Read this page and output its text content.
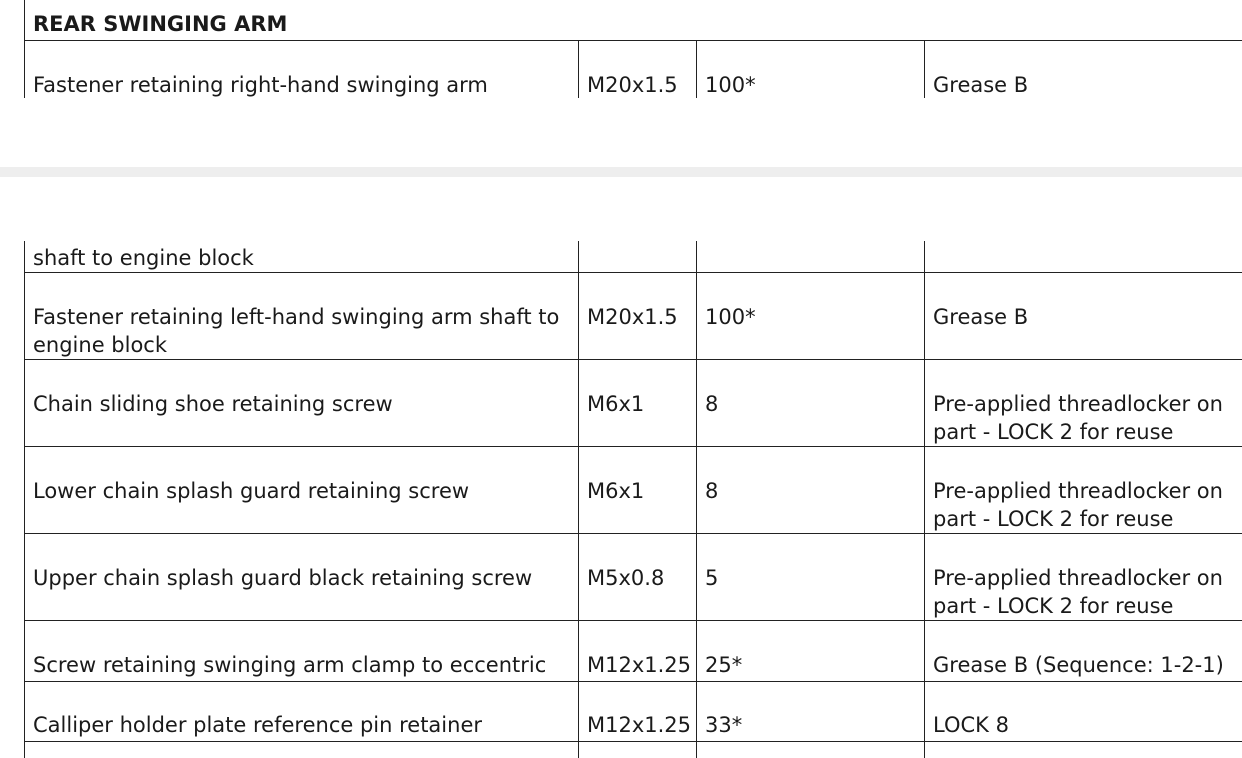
REAR SWINGING ARM
Fastener retaining right-hand swinging arm	M20x1.5	100*	Grease B
shaft to engine block			
Fastener retaining left-hand swinging arm shaft to engine block	M20x1.5	100*	Grease B
Chain sliding shoe retaining screw	M6x1	8	Pre-applied threadlocker on part - LOCK 2 for reuse
Lower chain splash guard retaining screw	M6x1	8	Pre-applied threadlocker on part - LOCK 2 for reuse
Upper chain splash guard black retaining screw	M5x0.8	5	Pre-applied threadlocker on part - LOCK 2 for reuse
Screw retaining swinging arm clamp to eccentric	M12x1.25	25*	Grease B (Sequence: 1-2-1)
Calliper holder plate reference pin retainer	M12x1.25	33*	LOCK 8
